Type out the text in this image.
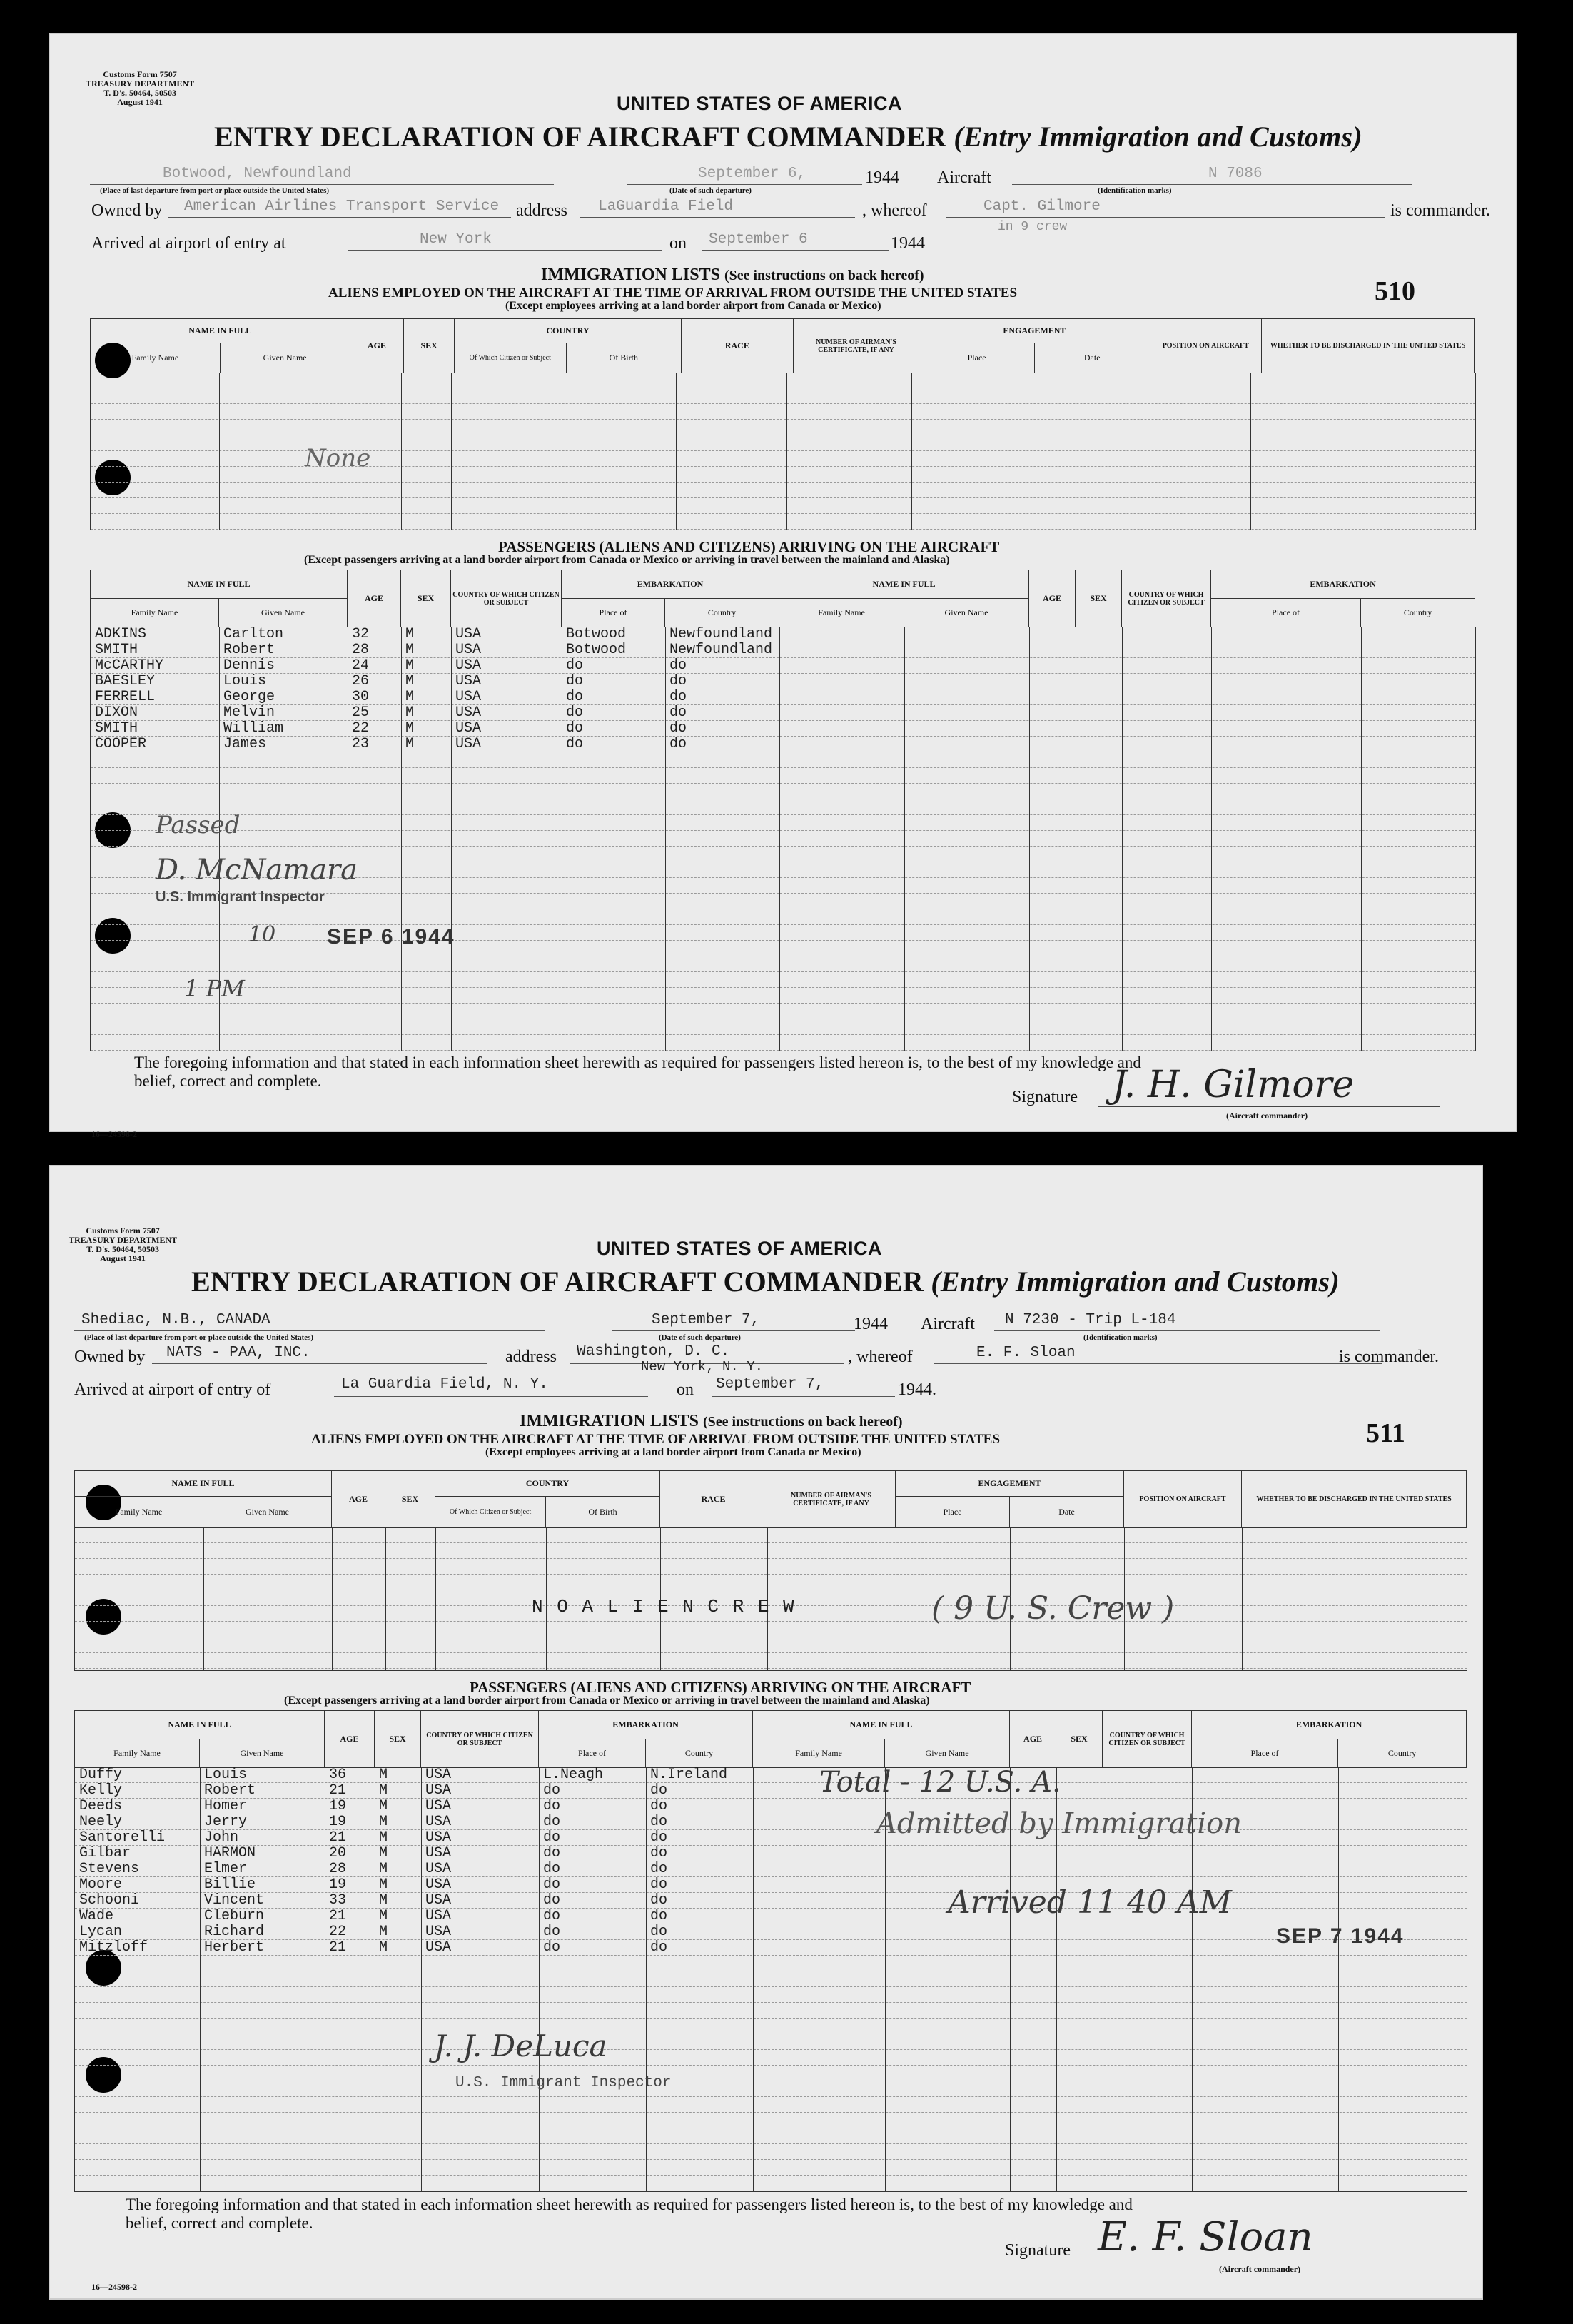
Customs Form 7507
TREASURY DEPARTMENT
T. D's. 50464, 50503
August 1941	UNITED STATES OF AMERICA
ENTRY DECLARATION OF AIRCRAFT COMMANDER (Entry Immigration and Customs)
Botwood, Newfoundland	September 6,	1944 Aircraft	N 7086
(Place of last departure from port or place outside the United States)	(Date of such departure)	(Identification marks)
Owned by American Airlines Transport Service address LaGuardia Field	, whereof	Capt. Gilmore	is commander.
in 9 crew
Arrived at airport of entry at	New York	on September 6	1944
IMMIGRATION LISTS (See instructions on back hereof)
ALIENS EMPLOYED ON THE AIRCRAFT AT THE TIME OF ARRIVAL FROM OUTSIDE THE UNITED STATES
(Except employees arriving at a land border airport from Canada or Mexico)	510
NAME IN FULL		AGE	SEX	COUNTRY		RACE	NUMBER OF AIRMAN'S CERTIFICATE, IF ANY	ENGAGEMENT		POSITION ON AIRCRAFT	WHETHER TO BE DISCHARGED IN THE UNITED STATES
Family Name	Given Name			Of Which Citizen or Subject	Of Birth			Place	Date		
None
PASSENGERS (ALIENS AND CITIZENS) ARRIVING ON THE AIRCRAFT
(Except passengers arriving at a land border airport from Canada or Mexico or arriving in travel between the mainland and Alaska)
NAME IN FULL		AGE	SEX	COUNTRY OF WHICH CITIZEN OR SUBJECT	EMBARKATION		NAME IN FULL		AGE	SEX	COUNTRY OF WHICH CITIZEN OR SUBJECT	EMBARKATION	
Family Name	Given Name				Place of	Country	Family Name	Given Name				Place of	Country
ADKINS	Carlton	32	M	USA	Botwood	Newfoundland
SMITH	Robert	28	M	USA	Botwood	Newfoundland
McCARTHY	Dennis	24	M	USA	do	do
BAESLEY	Louis	26	M	USA	do	do
FERRELL	George	30	M	USA	do	do
DIXON	Melvin	25	M	USA	do	do
SMITH	William	22	M	USA	do	do
COOPER	James	23	M	USA	do	do
Passed
D. McNamara
U.S. Immigrant Inspector
10
1 PM
SEP 6 1944
The foregoing information and that stated in each information sheet herewith as required for passengers listed hereon is, to the best of my knowledge and
belief, correct and complete.
16—24598-2
Signature J. H. Gilmore
(Aircraft commander)
Customs Form 7507
TREASURY DEPARTMENT
T. D's. 50464, 50503
August 1941	UNITED STATES OF AMERICA
ENTRY DECLARATION OF AIRCRAFT COMMANDER (Entry Immigration and Customs)
Shediac, N.B., CANADA	September 7,	1944 Aircraft N 7230 - Trip L-184
(Place of last departure from port or place outside the United States)	(Date of such departure)	(Identification marks)
Owned by NATS - PAA, INC.	address Washington, D. C.
New York, N. Y.
, whereof	E. F. Sloan	is commander.
Arrived at airport of entry of	La Guardia Field, N. Y.	on September 7,	1944.
IMMIGRATION LISTS (See instructions on back hereof)
ALIENS EMPLOYED ON THE AIRCRAFT AT THE TIME OF ARRIVAL FROM OUTSIDE THE UNITED STATES
(Except employees arriving at a land border airport from Canada or Mexico)
511
NAME IN FULL		AGE	SEX	COUNTRY		RACE	NUMBER OF AIRMAN'S CERTIFICATE, IF ANY	ENGAGEMENT		POSITION ON AIRCRAFT	WHETHER TO BE DISCHARGED IN THE UNITED STATES
Family Name	Given Name			Of Which Citizen or Subject	Of Birth			Place	Date		
N O A L I E N C R E W	( 9 U. S. Crew )
PASSENGERS (ALIENS AND CITIZENS) ARRIVING ON THE AIRCRAFT
(Except passengers arriving at a land border airport from Canada or Mexico or arriving in travel between the mainland and Alaska)
NAME IN FULL		AGE	SEX	COUNTRY OF WHICH CITIZEN OR SUBJECT	EMBARKATION		NAME IN FULL		AGE	SEX	COUNTRY OF WHICH CITIZEN OR SUBJECT	EMBARKATION	
Family Name	Given Name				Place of	Country	Family Name	Given Name				Place of	Country
Duffy	Louis	36 M	USA	L.Neagh	N.Ireland
Kelly	Robert	21 M	USA	do	do
Deeds	Homer	19 M	USA	do	do
Neely	Jerry	19 M	USA	do	do
Santorelli	John	21 M	USA	do	do
Gilbar	HARMON	20 M	USA	do	do
Stevens	Elmer	28 M	USA	do	do
Moore	Billie	19 M	USA	do	do
Schooni	Vincent	33 M	USA	do	do
Wade	Cleburn	21 M	USA	do	do
Lycan	Richard	22 M	USA	do	do
Mitzloff	Herbert	21 M	USA	do	do
Total - 12 U.S. A.
Admitted by Immigration
Arrived 11 40 AM
SEP 7 1944
J. J. DeLuca
U.S. Immigrant Inspector
The foregoing information and that stated in each information sheet herewith as required for passengers listed hereon is, to the best of my knowledge and
belief, correct and complete.
16—24598-2
Signature E. F. Sloan
(Aircraft commander)
